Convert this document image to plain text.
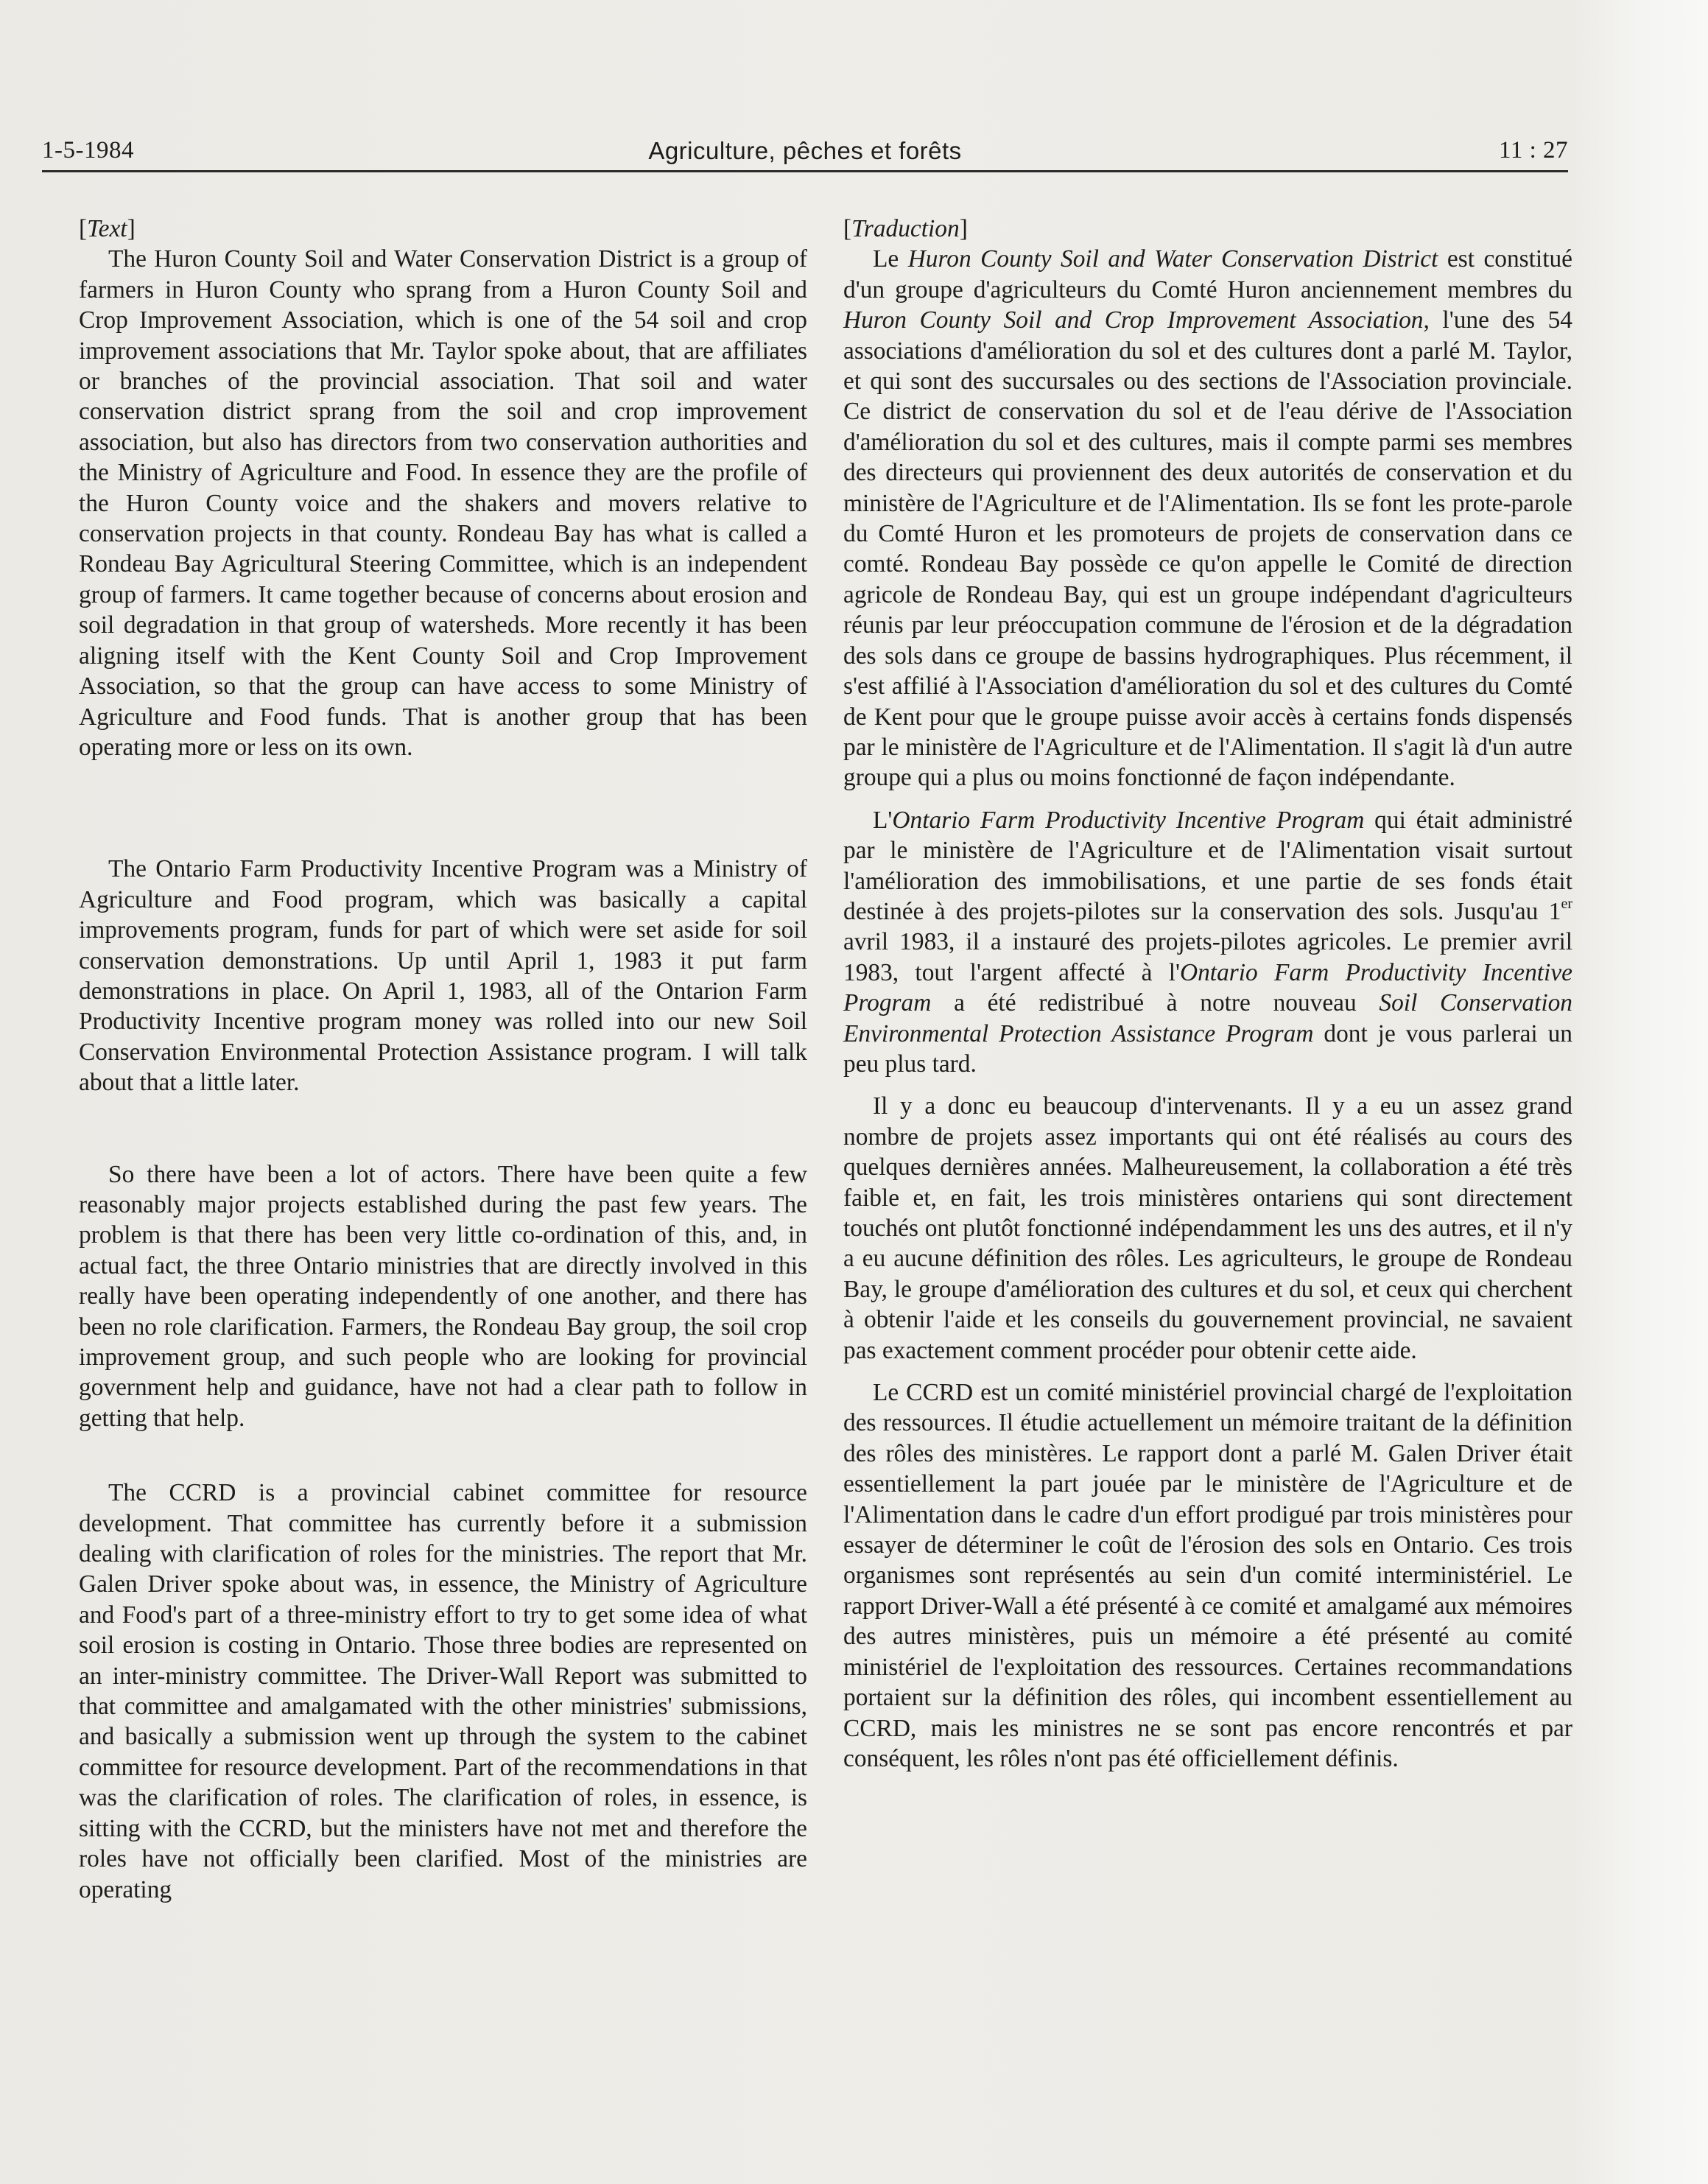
1-5-1984	Agriculture, pêches et forêts	11 : 27

[Text]

The Huron County Soil and Water Conservation District is a group of farmers in Huron County who sprang from a Huron County Soil and Crop Improvement Association, which is one of the 54 soil and crop improvement associations that Mr. Taylor spoke about, that are affiliates or branches of the provincial association. That soil and water conservation district sprang from the soil and crop improvement association, but also has directors from two conservation authorities and the Ministry of Agriculture and Food. In essence they are the profile of the Huron County voice and the shakers and movers relative to conservation projects in that county. Rondeau Bay has what is called a Rondeau Bay Agricultural Steering Committee, which is an independent group of farmers. It came together because of concerns about erosion and soil degradation in that group of watersheds. More recently it has been aligning itself with the Kent County Soil and Crop Improvement Association, so that the group can have access to some Ministry of Agriculture and Food funds. That is another group that has been operating more or less on its own.

The Ontario Farm Productivity Incentive Program was a Ministry of Agriculture and Food program, which was basically a capital improvements program, funds for part of which were set aside for soil conservation demonstrations. Up until April 1, 1983 it put farm demonstrations in place. On April 1, 1983, all of the Ontarion Farm Productivity Incentive program money was rolled into our new Soil Conservation Environmental Protection Assistance program. I will talk about that a little later.

So there have been a lot of actors. There have been quite a few reasonably major projects established during the past few years. The problem is that there has been very little co-ordination of this, and, in actual fact, the three Ontario ministries that are directly involved in this really have been operating independently of one another, and there has been no role clarification. Farmers, the Rondeau Bay group, the soil crop improvement group, and such people who are looking for provincial government help and guidance, have not had a clear path to follow in getting that help.

The CCRD is a provincial cabinet committee for resource development. That committee has currently before it a submission dealing with clarification of roles for the ministries. The report that Mr. Galen Driver spoke about was, in essence, the Ministry of Agriculture and Food's part of a three-ministry effort to try to get some idea of what soil erosion is costing in Ontario. Those three bodies are represented on an inter-ministry committee. The Driver-Wall Report was submitted to that committee and amalgamated with the other ministries' submissions, and basically a submission went up through the system to the cabinet committee for resource development. Part of the recommendations in that was the clarification of roles. The clarification of roles, in essence, is sitting with the CCRD, but the ministers have not met and therefore the roles have not officially been clarified. Most of the ministries are operating

[Traduction]

Le Huron County Soil and Water Conservation District est constitué d'un groupe d'agriculteurs du Comté Huron anciennement membres du Huron County Soil and Crop Improvement Association, l'une des 54 associations d'amélioration du sol et des cultures dont a parlé M. Taylor, et qui sont des succursales ou des sections de l'Association provinciale. Ce district de conservation du sol et de l'eau dérive de l'Association d'amélioration du sol et des cultures, mais il compte parmi ses membres des directeurs qui proviennent des deux autorités de conservation et du ministère de l'Agriculture et de l'Alimentation. Ils se font les prote-parole du Comté Huron et les promoteurs de projets de conservation dans ce comté. Rondeau Bay possède ce qu'on appelle le Comité de direction agricole de Rondeau Bay, qui est un groupe indépendant d'agriculteurs réunis par leur préoccupation commune de l'érosion et de la dégradation des sols dans ce groupe de bassins hydrographiques. Plus récemment, il s'est affilié à l'Association d'amélioration du sol et des cultures du Comté de Kent pour que le groupe puisse avoir accès à certains fonds dispensés par le ministère de l'Agriculture et de l'Alimentation. Il s'agit là d'un autre groupe qui a plus ou moins fonctionné de façon indépendante.

L'Ontario Farm Productivity Incentive Program qui était administré par le ministère de l'Agriculture et de l'Alimentation visait surtout l'amélioration des immobilisations, et une partie de ses fonds était destinée à des projets-pilotes sur la conservation des sols. Jusqu'au 1er avril 1983, il a instauré des projets-pilotes agricoles. Le premier avril 1983, tout l'argent affecté à l'Ontario Farm Productivity Incentive Program a été redistribué à notre nouveau Soil Conservation Environmental Protection Assistance Program dont je vous parlerai un peu plus tard.

Il y a donc eu beaucoup d'intervenants. Il y a eu un assez grand nombre de projets assez importants qui ont été réalisés au cours des quelques dernières années. Malheureusement, la collaboration a été très faible et, en fait, les trois ministères ontariens qui sont directement touchés ont plutôt fonctionné indépendamment les uns des autres, et il n'y a eu aucune définition des rôles. Les agriculteurs, le groupe de Rondeau Bay, le groupe d'amélioration des cultures et du sol, et ceux qui cherchent à obtenir l'aide et les conseils du gouvernement provincial, ne savaient pas exactement comment procéder pour obtenir cette aide.

Le CCRD est un comité ministériel provincial chargé de l'exploitation des ressources. Il étudie actuellement un mémoire traitant de la définition des rôles des ministères. Le rapport dont a parlé M. Galen Driver était essentiellement la part jouée par le ministère de l'Agriculture et de l'Alimentation dans le cadre d'un effort prodigué par trois ministères pour essayer de déterminer le coût de l'érosion des sols en Ontario. Ces trois organismes sont représentés au sein d'un comité interministériel. Le rapport Driver-Wall a été présenté à ce comité et amalgamé aux mémoires des autres ministères, puis un mémoire a été présenté au comité ministériel de l'exploitation des ressources. Certaines recommandations portaient sur la définition des rôles, qui incombent essentiellement au CCRD, mais les ministres ne se sont pas encore rencontrés et par conséquent, les rôles n'ont pas été officiellement définis.
